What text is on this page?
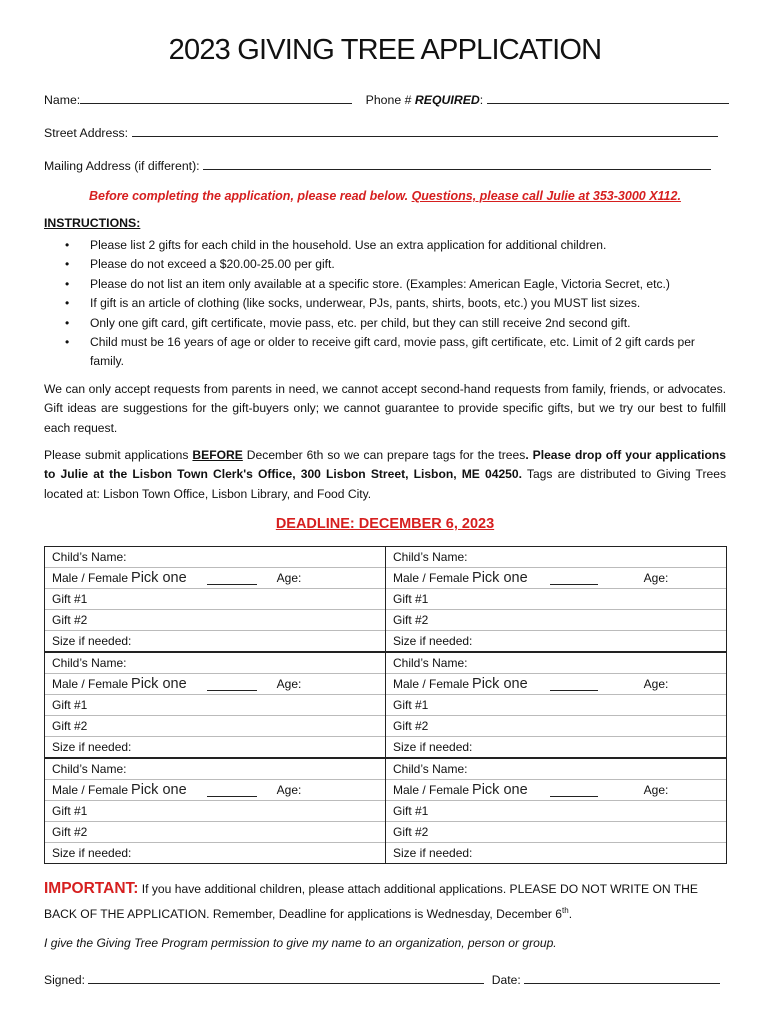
2023 GIVING TREE APPLICATION
Name:	Phone # REQUIRED:
Street Address:
Mailing Address (if different):
Before completing the application, please read below. Questions, please call Julie at 353-3000 X112.
INSTRUCTIONS:
• Please list 2 gifts for each child in the household. Use an extra application for additional children.
• Please do not exceed a $20.00-25.00 per gift.
• Please do not list an item only available at a specific store. (Examples: American Eagle, Victoria Secret, etc.)
• If gift is an article of clothing (like socks, underwear, PJs, pants, shirts, boots, etc.) you MUST list sizes.
• Only one gift card, gift certificate, movie pass, etc. per child, but they can still receive 2nd second gift.
• Child must be 16 years of age or older to receive gift card, movie pass, gift certificate, etc. Limit of 2 gift cards per family.
We can only accept requests from parents in need, we cannot accept second-hand requests from family, friends, or advocates. Gift ideas are suggestions for the gift-buyers only; we cannot guarantee to provide specific gifts, but we try our best to fulfill each request.
Please submit applications BEFORE December 6th so we can prepare tags for the trees. Please drop off your applications to Julie at the Lisbon Town Clerk's Office, 300 Lisbon Street, Lisbon, ME 04250. Tags are distributed to Giving Trees located at: Lisbon Town Office, Lisbon Library, and Food City.
DEADLINE: DECEMBER 6, 2023
Child’s Name:	Child’s Name:

Male / Female Pick one Age:	Male / Female Pick one Age:

Gift #1	Gift #1
Gift #2	Gift #2
Size if needed:	Size if needed:
Child’s Name:	Child’s Name:

Male / Female Pick one Age:	Male / Female Pick one Age:

Gift #1	Gift #1
Gift #2	Gift #2
Size if needed:	Size if needed:
Child’s Name:	Child’s Name:

Male / Female Pick one Age:	Male / Female Pick one Age:

Gift #1	Gift #1
Gift #2	Gift #2
Size if needed:	Size if needed:
IMPORTANT: If you have additional children, please attach additional applications. PLEASE DO NOT WRITE ON THE BACK OF THE APPLICATION. Remember, Deadline for applications is Wednesday, December 6th.
I give the Giving Tree Program permission to give my name to an organization, person or group.
Signed:	Date:
